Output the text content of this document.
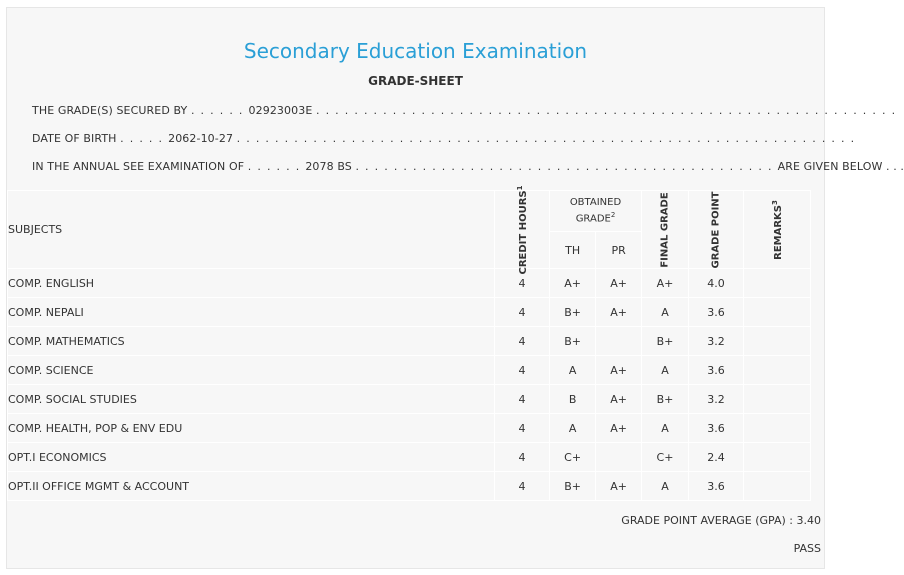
Secondary Education Examination
GRADE-SHEET
THE GRADE(S) SECURED BY . . . . . . 02923003E . . . . . . . . . . . . . . . . . . . . . . . . . . . . . . . . . . . . . . . . . . . . . . . . . . . . . . . . . . . . .
DATE OF BIRTH . . . . . 2062-10-27 . . . . . . . . . . . . . . . . . . . . . . . . . . . . . . . . . . . . . . . . . . . . . . . . . . . . . . . . . . . . . . . . .
IN THE ANNUAL SEE EXAMINATION OF . . . . . . 2078 BS . . . . . . . . . . . . . . . . . . . . . . . . . . . . . . . . . . . . . . . . . . . . ARE GIVEN BELOW . . .
SUBJECTS	CREDIT HOURS$^1$	OBTAINED GRADE$^2$		FINAL GRADE	GRADE POINT	REMARKS$^3$

		TH	PR			
COMP. ENGLISH	4	A+	A+	A+	4.0	
COMP. NEPALI	4	B+	A+	A	3.6	
COMP. MATHEMATICS	4	B+		B+	3.2	
COMP. SCIENCE	4	A	A+	A	3.6	
COMP. SOCIAL STUDIES	4	B	A+	B+	3.2	
COMP. HEALTH, POP & ENV EDU	4	A	A+	A	3.6	
OPT.I ECONOMICS	4	C+		C+	2.4	
OPT.II OFFICE MGMT & ACCOUNT	4	B+	A+	A	3.6	
GRADE POINT AVERAGE (GPA) : 3.40
PASS
